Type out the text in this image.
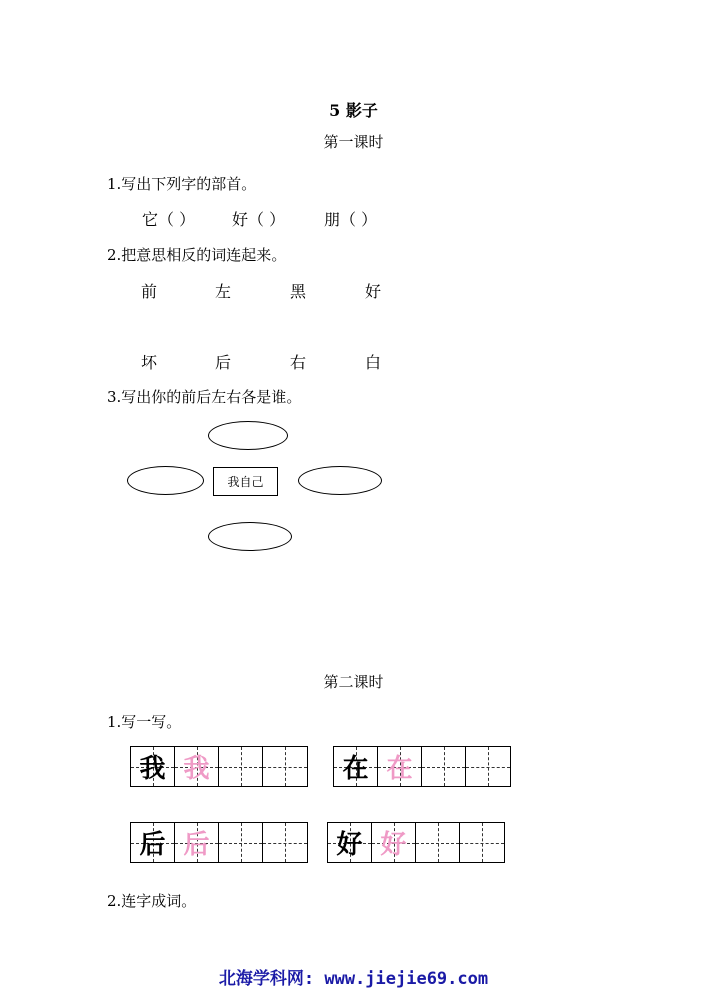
5 影子
第一课时
1.写出下列字的部首。
它（ ） 好（ ） 朋（ ）
2.把意思相反的词连起来。
前	左	黑	好
坏	后	右	白
3.写出你的前后左右各是谁。
我自己
第二课时
1.写一写。
我 我	在 在
后 后	好 好
2.连字成词。
北海学科网: www.jiejie69.com
